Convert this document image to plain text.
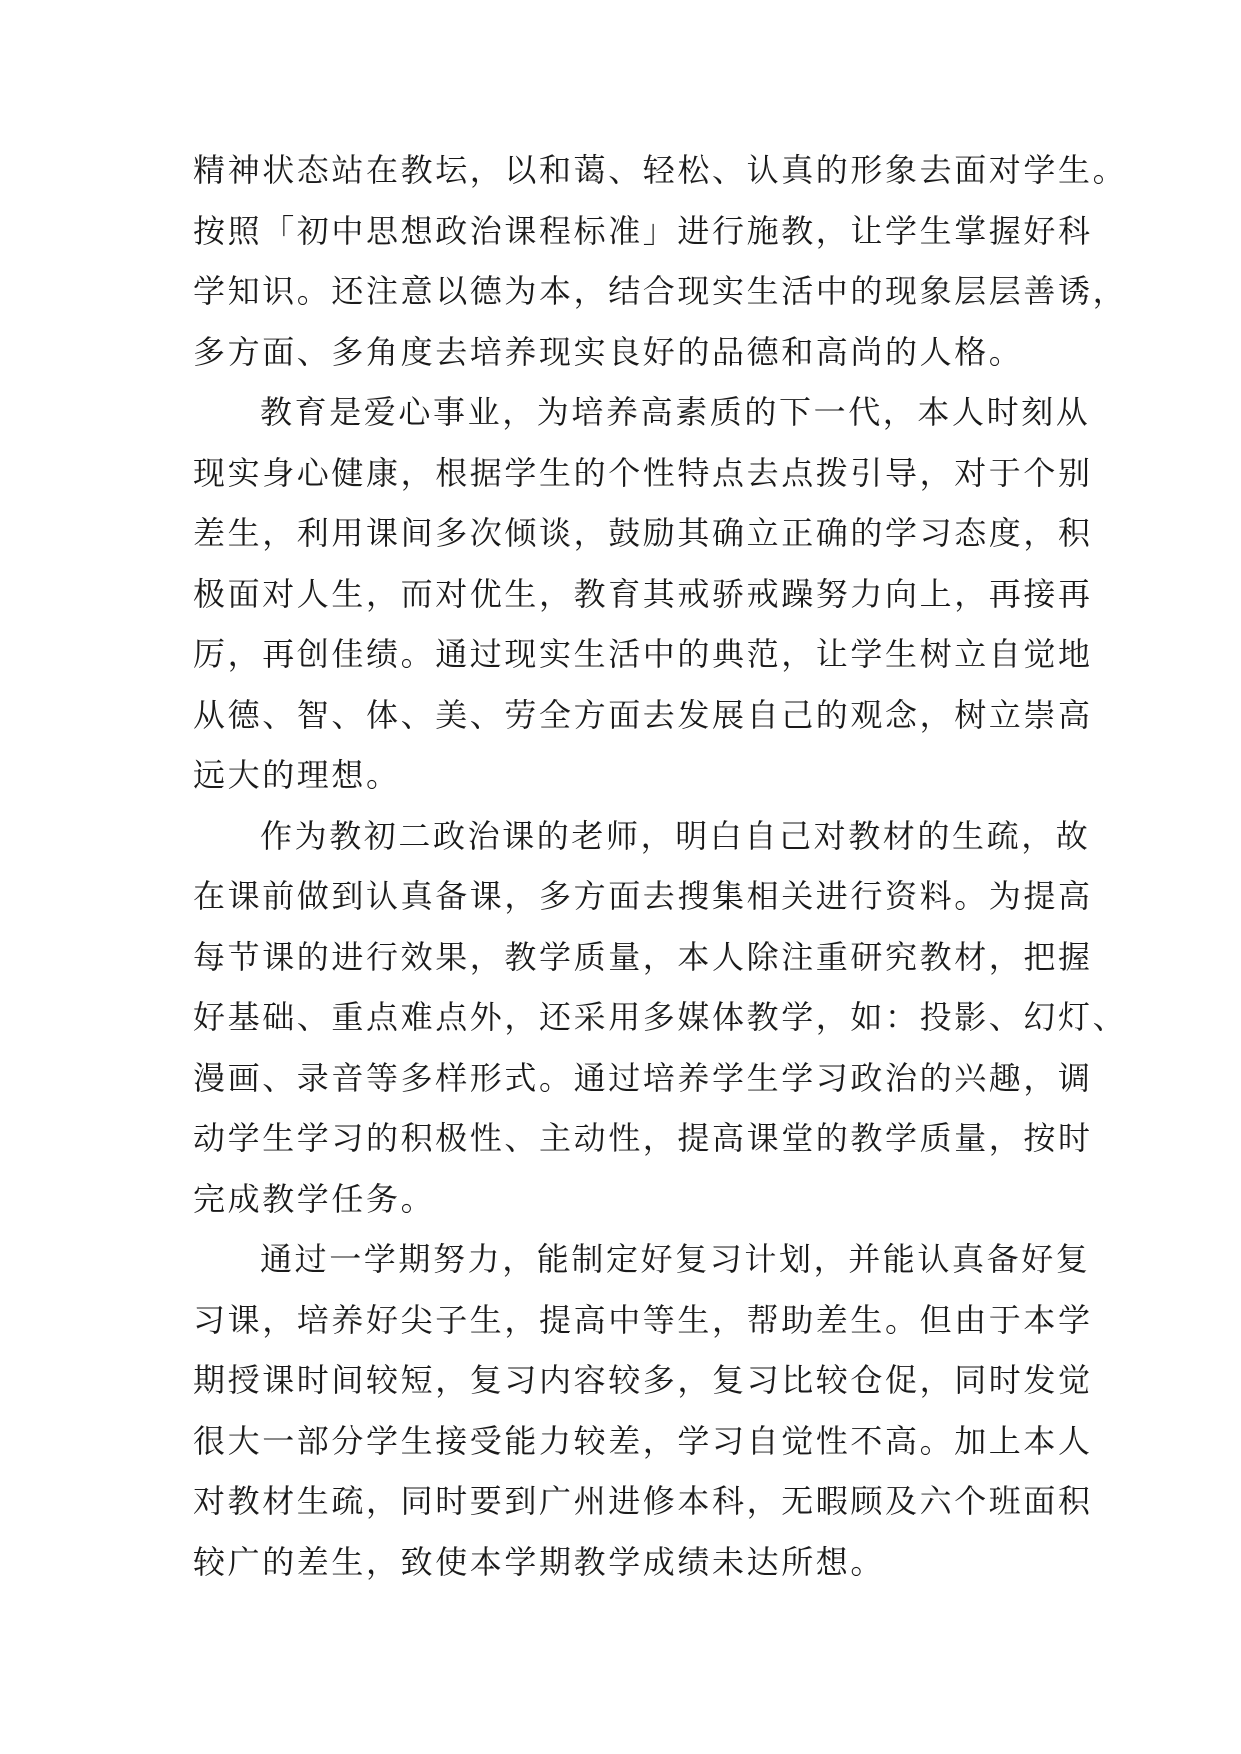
精神状态站在教坛，以和蔼、轻松、认真的形象去面对学生。
按照「初中思想政治课程标准」进行施教，让学生掌握好科
学知识。还注意以德为本，结合现实生活中的现象层层善诱，
多方面、多角度去培养现实良好的品德和高尚的人格。
教育是爱心事业，为培养高素质的下一代，本人时刻从
现实身心健康，根据学生的个性特点去点拨引导，对于个别
差生，利用课间多次倾谈，鼓励其确立正确的学习态度，积
极面对人生，而对优生，教育其戒骄戒躁努力向上，再接再
厉，再创佳绩。通过现实生活中的典范，让学生树立自觉地
从德、智、体、美、劳全方面去发展自己的观念，树立崇高
远大的理想。
作为教初二政治课的老师，明白自己对教材的生疏，故
在课前做到认真备课，多方面去搜集相关进行资料。为提高
每节课的进行效果，教学质量，本人除注重研究教材，把握
好基础、重点难点外，还采用多媒体教学，如：投影、幻灯、
漫画、录音等多样形式。通过培养学生学习政治的兴趣，调
动学生学习的积极性、主动性，提高课堂的教学质量，按时
完成教学任务。
通过一学期努力，能制定好复习计划，并能认真备好复
习课，培养好尖子生，提高中等生，帮助差生。但由于本学
期授课时间较短，复习内容较多，复习比较仓促，同时发觉
很大一部分学生接受能力较差，学习自觉性不高。加上本人
对教材生疏，同时要到广州进修本科，无暇顾及六个班面积
较广的差生，致使本学期教学成绩未达所想。
